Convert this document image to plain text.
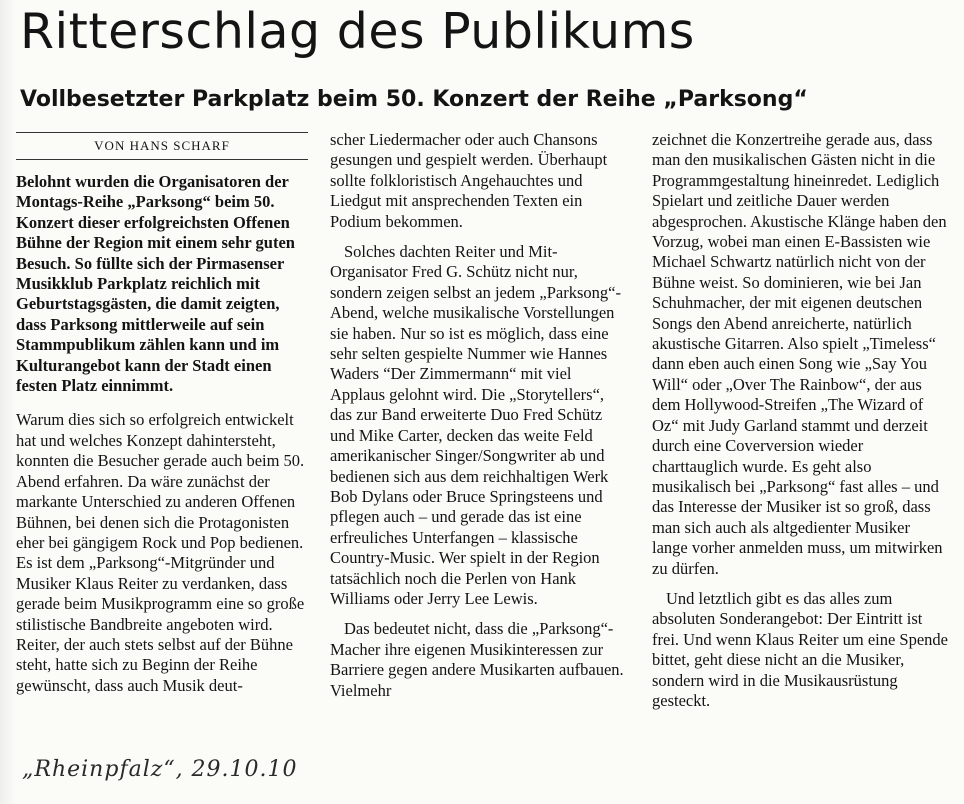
Ritterschlag des Publikums
Vollbesetzter Parkplatz beim 50. Konzert der Reihe „Parksong“
VON HANS SCHARF

Belohnt wurden die Organisatoren der Montags-Reihe „Parksong“ beim 50. Konzert dieser erfolgreichsten Offenen Bühne der Region mit einem sehr guten Besuch. So füllte sich der Pirmasenser Musikklub Parkplatz reichlich mit Geburtstagsgästen, die damit zeigten, dass Parksong mittlerweile auf sein Stammpublikum zählen kann und im Kulturangebot kann der Stadt einen festen Platz einnimmt.

Warum dies sich so erfolgreich entwickelt hat und welches Konzept dahintersteht, konnten die Besucher gerade auch beim 50. Abend erfahren. Da wäre zunächst der markante Unterschied zu anderen Offenen Bühnen, bei denen sich die Protagonisten eher bei gängigem Rock und Pop bedienen. Es ist dem „Parksong“-Mitgründer und Musiker Klaus Reiter zu verdanken, dass gerade beim Musikprogramm eine so große stilistische Bandbreite angeboten wird. Reiter, der auch stets selbst auf der Bühne steht, hatte sich zu Beginn der Reihe gewünscht, dass auch Musik deut-

scher Liedermacher oder auch Chansons gesungen und gespielt werden. Überhaupt sollte folkloristisch Angehauchtes und Liedgut mit ansprechenden Texten ein Podium bekommen.

Solches dachten Reiter und Mit-Organisator Fred G. Schütz nicht nur, sondern zeigen selbst an jedem „Parksong“-Abend, welche musikalische Vorstellungen sie haben. Nur so ist es möglich, dass eine sehr selten gespielte Nummer wie Hannes Waders “Der Zimmermann“ mit viel Applaus gelohnt wird. Die „Storytellers“, das zur Band erweiterte Duo Fred Schütz und Mike Carter, decken das weite Feld amerikanischer Singer/Songwriter ab und bedienen sich aus dem reichhaltigen Werk Bob Dylans oder Bruce Springsteens und pflegen auch – und gerade das ist eine erfreuliches Unterfangen – klassische Country-Music. Wer spielt in der Region tatsächlich noch die Perlen von Hank Williams oder Jerry Lee Lewis.

Das bedeutet nicht, dass die „Parksong“-Macher ihre eigenen Musikinteressen zur Barriere gegen andere Musikarten aufbauen. Vielmehr

zeichnet die Konzertreihe gerade aus, dass man den musikalischen Gästen nicht in die Programmgestaltung hineinredet. Lediglich Spielart und zeitliche Dauer werden abgesprochen. Akustische Klänge haben den Vorzug, wobei man einen E-Bassisten wie Michael Schwartz natürlich nicht von der Bühne weist. So dominieren, wie bei Jan Schuhmacher, der mit eigenen deutschen Songs den Abend anreicherte, natürlich akustische Gitarren. Also spielt „Timeless“ dann eben auch einen Song wie „Say You Will“ oder „Over The Rainbow“, der aus dem Hollywood-Streifen „The Wizard of Oz“ mit Judy Garland stammt und derzeit durch eine Coverversion wieder charttauglich wurde. Es geht also musikalisch bei „Parksong“ fast alles – und das Interesse der Musiker ist so groß, dass man sich auch als altgedienter Musiker lange vorher anmelden muss, um mitwirken zu dürfen.

Und letztlich gibt es das alles zum absoluten Sonderangebot: Der Eintritt ist frei. Und wenn Klaus Reiter um eine Spende bittet, geht diese nicht an die Musiker, sondern wird in die Musikausrüstung gesteckt.

„Rheinpfalz“, 29.10.10
